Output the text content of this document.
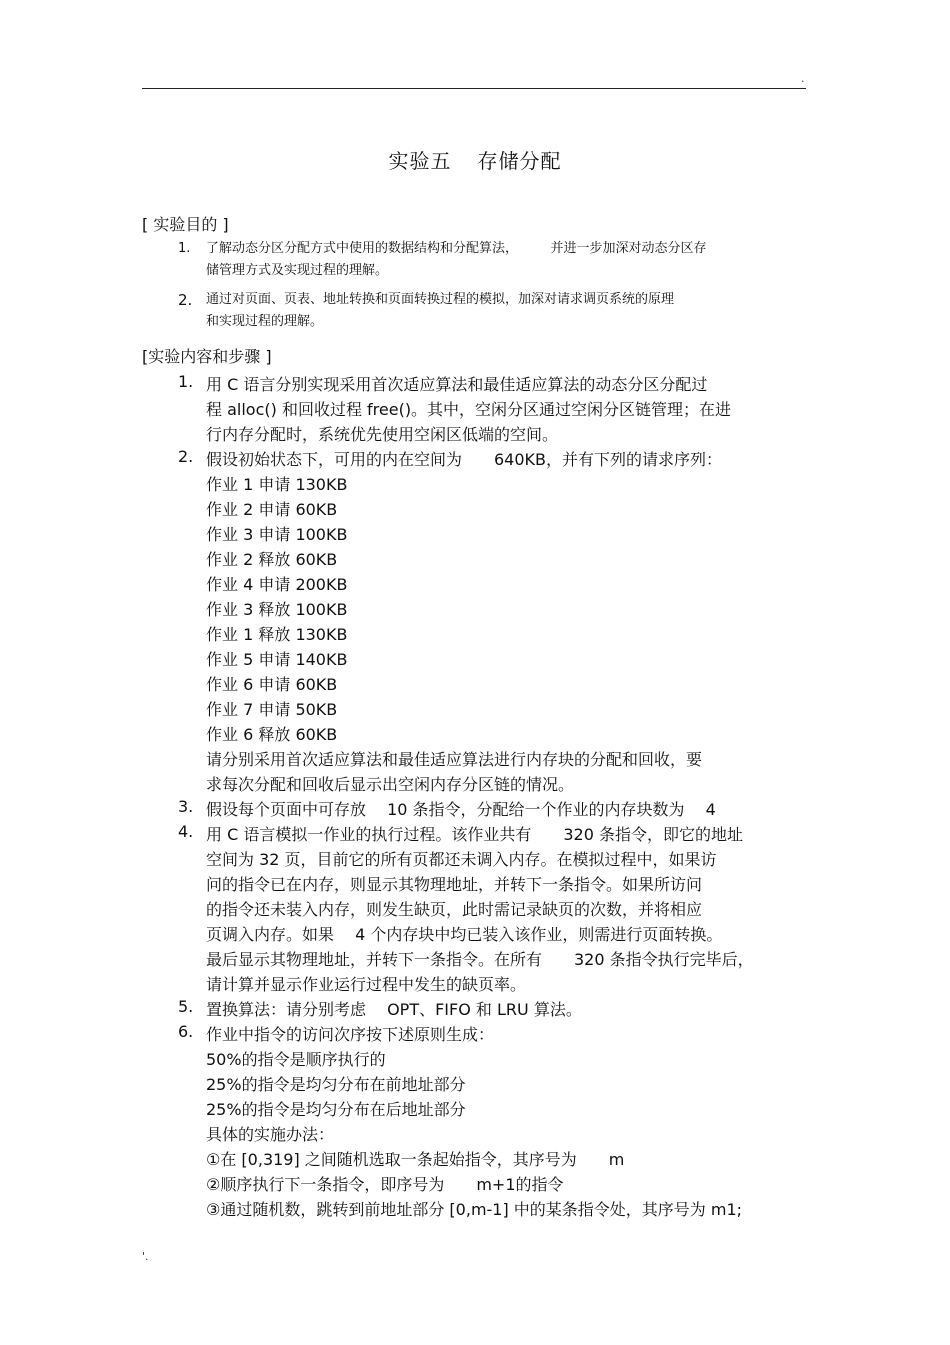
.
实验五 存储分配
[ 实验目的 ]
1. 了解动态分区分配方式中使用的数据结构和分配算法，　　　并进一步加深对动态分区存
储管理方式及实现过程的理解。
2. 通过对页面、页表、地址转换和页面转换过程的模拟，加深对请求调页系统的原理
和实现过程的理解。
[实验内容和步骤 ]
1. 用 C 语言分别实现采用首次适应算法和最佳适应算法的动态分区分配过
程 alloc() 和回收过程 free()。其中，空闲分区通过空闲分区链管理；在进
行内存分配时，系统优先使用空闲区低端的空间。
2. 假设初始状态下，可用的内在空间为　　640KB，并有下列的请求序列：
作业 1 申请 130KB
作业 2 申请 60KB
作业 3 申请 100KB
作业 2 释放 60KB
作业 4 申请 200KB
作业 3 释放 100KB
作业 1 释放 130KB
作业 5 申请 140KB
作业 6 申请 60KB
作业 7 申请 50KB
作业 6 释放 60KB
请分别采用首次适应算法和最佳适应算法进行内存块的分配和回收，要
求每次分配和回收后显示出空闲内存分区链的情况。
3. 假设每个页面中可存放　 10 条指令，分配给一个作业的内存块数为　 4
4. 用 C 语言模拟一作业的执行过程。该作业共有　　320 条指令，即它的地址
空间为 32 页，目前它的所有页都还未调入内存。在模拟过程中，如果访
问的指令已在内存，则显示其物理地址，并转下一条指令。如果所访问
的指令还未装入内存，则发生缺页，此时需记录缺页的次数，并将相应
页调入内存。如果　 4 个内存块中均已装入该作业，则需进行页面转换。
最后显示其物理地址，并转下一条指令。在所有　　320 条指令执行完毕后，
请计算并显示作业运行过程中发生的缺页率。
5. 置换算法：请分别考虑　 OPT、FIFO 和 LRU 算法。
6. 作业中指令的访问次序按下述原则生成：
50%的指令是顺序执行的
25%的指令是均匀分布在前地址部分
25%的指令是均匀分布在后地址部分
具体的实施办法：
①在 [0,319] 之间随机选取一条起始指令，其序号为　　m
②顺序执行下一条指令，即序号为　　m+1的指令
③通过随机数，跳转到前地址部分 [0,m-1] 中的某条指令处，其序号为 m1;
'.
